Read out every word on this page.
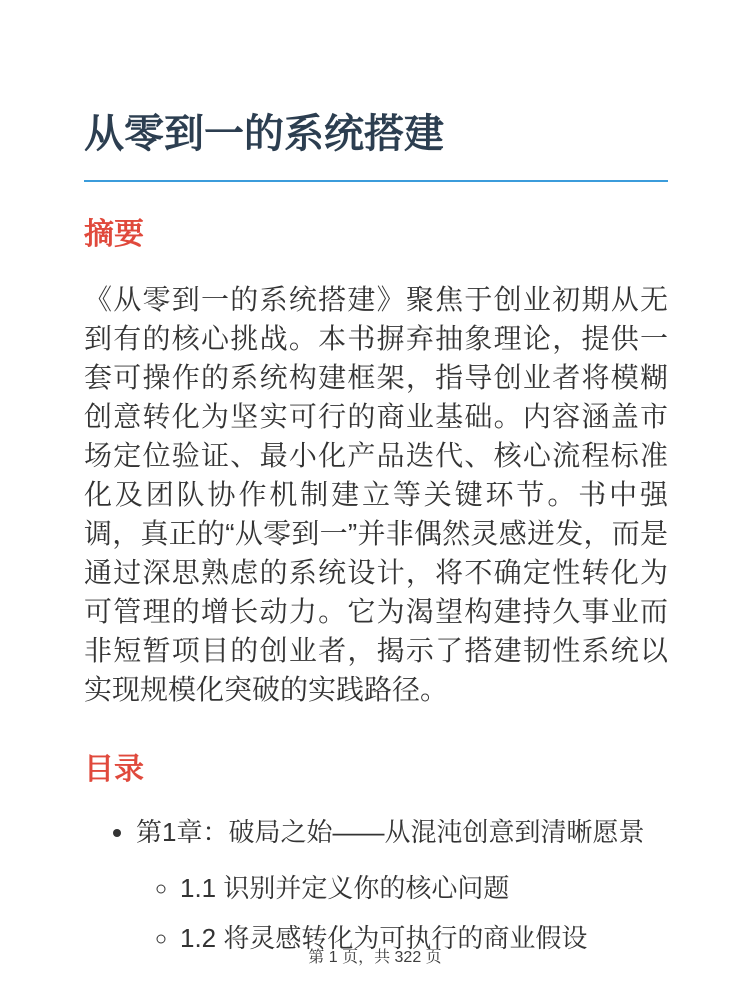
从零到一的系统搭建
摘要

《从零到一的系统搭建》聚焦于创业初期从无到有的核心挑战。本书摒弃抽象理论，提供一套可操作的系统构建框架，指导创业者将模糊创意转化为坚实可行的商业基础。内容涵盖市场定位验证、最小化产品迭代、核心流程标准化及团队协作机制建立等关键环节。书中强调，真正的“从零到一”并非偶然灵感迸发，而是通过深思熟虑的系统设计，将不确定性转化为可管理的增长动力。它为渴望构建持久事业而非短暂项目的创业者，揭示了搭建韧性系统以实现规模化突破的实践路径。

目录
• 第1章：破局之始——从混沌创意到清晰愿景
◦ 1.1 识别并定义你的核心问题
◦ 1.2 将灵感转化为可执行的商业假设
第 1 页，共 322 页
